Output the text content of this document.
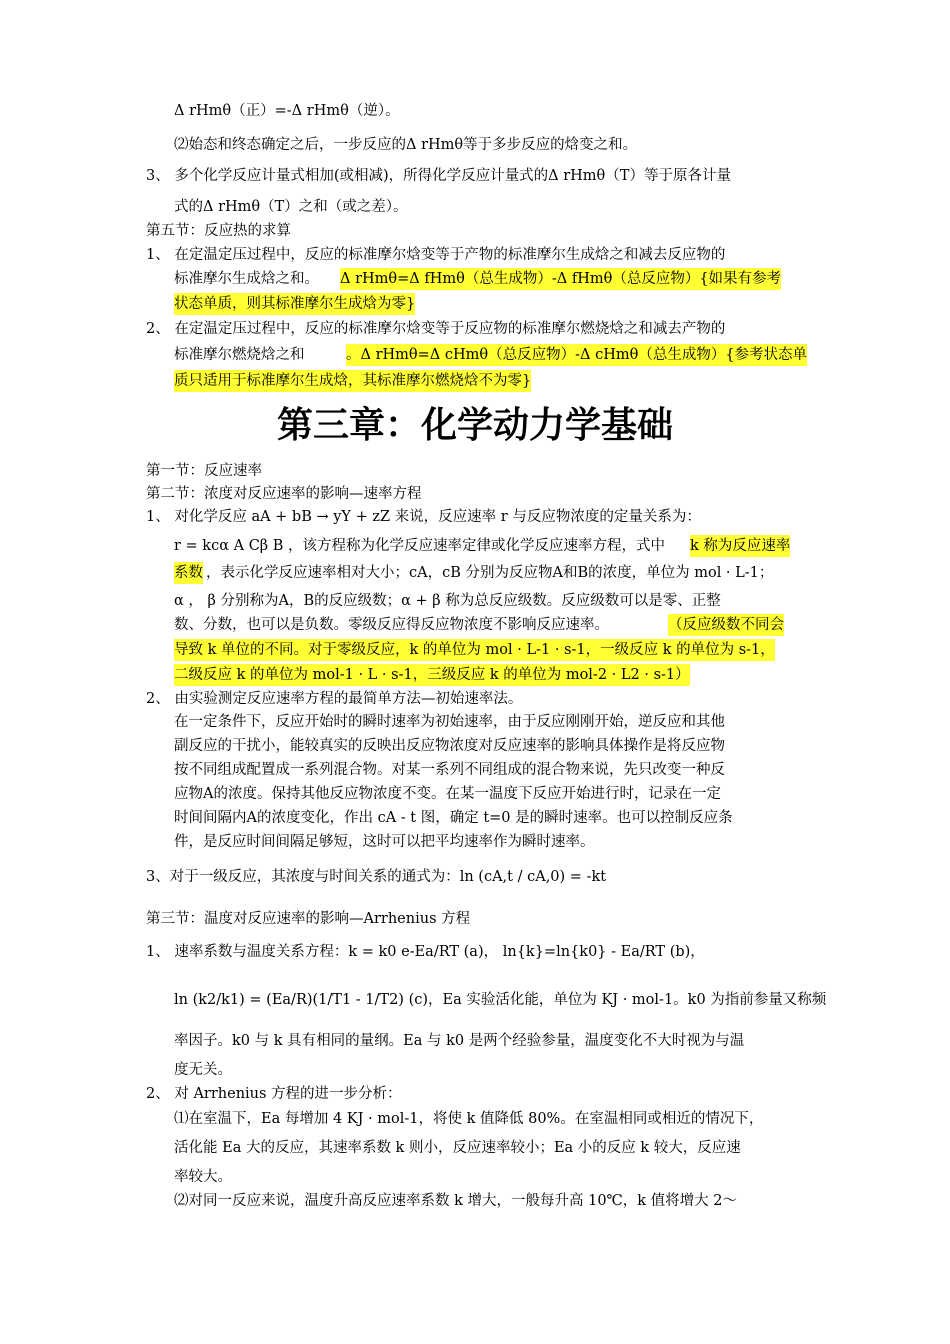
第三章：化学动力学基础
Δ rHmθ（正）=-Δ rHmθ（逆）。
⑵始态和终态确定之后，一步反应的Δ rHmθ等于多步反应的焓变之和。
3、 多个化学反应计量式相加(或相减)，所得化学反应计量式的Δ rHmθ（T）等于原各计量
式的Δ rHmθ（T）之和（或之差）。
第五节：反应热的求算
1、 在定温定压过程中，反应的标准摩尔焓变等于产物的标准摩尔生成焓之和减去反应物的
标准摩尔生成焓之和。 Δ rHmθ=Δ fHmθ（总生成物）-Δ fHmθ（总反应物）{如果有参考
状态单质，则其标准摩尔生成焓为零}
2、 在定温定压过程中，反应的标准摩尔焓变等于反应物的标准摩尔燃烧焓之和减去产物的
标准摩尔燃烧焓之和	。Δ rHmθ=Δ cHmθ（总反应物）-Δ cHmθ（总生成物）{参考状态单
质只适用于标准摩尔生成焓，其标准摩尔燃烧焓不为零}
第一节：反应速率
第二节：浓度对反应速率的影响—速率方程
1、 对化学反应 aA + bB → yY + zZ 来说，反应速率 r 与反应物浓度的定量关系为：
r = kcα A Cβ B ，该方程称为化学反应速率定律或化学反应速率方程，式中 k 称为反应速率
系数 ，表示化学反应速率相对大小；cA，cB 分别为反应物A和B的浓度，单位为 mol · L-1；
α ， β 分别称为A，B的反应级数；α + β 称为总反应级数。反应级数可以是零、正整
数、分数，也可以是负数。零级反应得反应物浓度不影响反应速率。	（反应级数不同会
导致 k 单位的不同。对于零级反应，k 的单位为 mol · L-1 · s-1，一级反应 k 的单位为 s-1，
二级反应 k 的单位为 mol-1 · L · s-1，三级反应 k 的单位为 mol-2 · L2 · s-1）
2、 由实验测定反应速率方程的最简单方法—初始速率法。
在一定条件下，反应开始时的瞬时速率为初始速率，由于反应刚刚开始，逆反应和其他
副反应的干扰小，能较真实的反映出反应物浓度对反应速率的影响具体操作是将反应物
按不同组成配置成一系列混合物。对某一系列不同组成的混合物来说，先只改变一种反
应物A的浓度。保持其他反应物浓度不变。在某一温度下反应开始进行时，记录在一定
时间间隔内A的浓度变化，作出 cA - t 图，确定 t=0 是的瞬时速率。也可以控制反应条
件，是反应时间间隔足够短，这时可以把平均速率作为瞬时速率。
3、对于一级反应，其浓度与时间关系的通式为：ln (cA,t / cA,0) = -kt
第三节：温度对反应速率的影响—Arrhenius 方程
1、 速率系数与温度关系方程：k = k0 e-Ea/RT (a)， ln{k}=ln{k0} - Ea/RT (b)，
ln (k2/k1) = (Ea/R)(1/T1 - 1/T2) (c)，Ea 实验活化能，单位为 KJ · mol-1。k0 为指前参量又称频
率因子。k0 与 k 具有相同的量纲。Ea 与 k0 是两个经验参量，温度变化不大时视为与温
度无关。
2、 对 Arrhenius 方程的进一步分析：
⑴在室温下，Ea 每增加 4 KJ · mol-1，将使 k 值降低 80%。在室温相同或相近的情况下，
活化能 Ea 大的反应，其速率系数 k 则小，反应速率较小；Ea 小的反应 k 较大，反应速
率较大。
⑵对同一反应来说，温度升高反应速率系数 k 增大，一般每升高 10℃，k 值将增大 2～
